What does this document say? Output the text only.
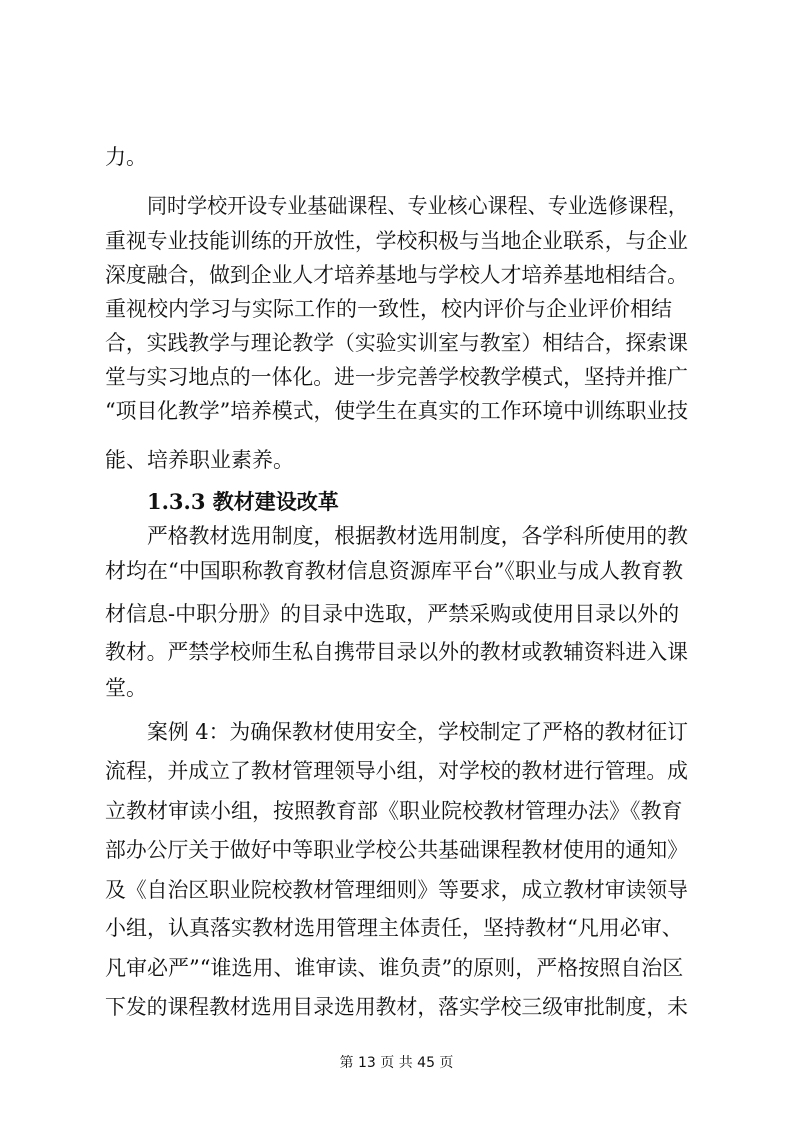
力。
同时学校开设专业基础课程、专业核心课程、专业选修课程，
重视专业技能训练的开放性，学校积极与当地企业联系，与企业
深度融合，做到企业人才培养基地与学校人才培养基地相结合。
重视校内学习与实际工作的一致性，校内评价与企业评价相结
合，实践教学与理论教学（实验实训室与教室）相结合，探索课
堂与实习地点的一体化。进一步完善学校教学模式，坚持并推广
“项目化教学”培养模式，使学生在真实的工作环境中训练职业技
能、培养职业素养。
1.3.3 教材建设改革
严格教材选用制度，根据教材选用制度，各学科所使用的教
材均在“中国职称教育教材信息资源库平台”《职业与成人教育教
材信息-中职分册》的目录中选取，严禁采购或使用目录以外的
教材。严禁学校师生私自携带目录以外的教材或教辅资料进入课
堂。
案例 4：为确保教材使用安全，学校制定了严格的教材征订
流程，并成立了教材管理领导小组，对学校的教材进行管理。成
立教材审读小组，按照教育部《职业院校教材管理办法》《教育
部办公厅关于做好中等职业学校公共基础课程教材使用的通知》
及《自治区职业院校教材管理细则》等要求，成立教材审读领导
小组，认真落实教材选用管理主体责任，坚持教材“凡用必审、
凡审必严”“谁选用、谁审读、谁负责”的原则，严格按照自治区
下发的课程教材选用目录选用教材，落实学校三级审批制度，未
第 13 页 共 45 页
